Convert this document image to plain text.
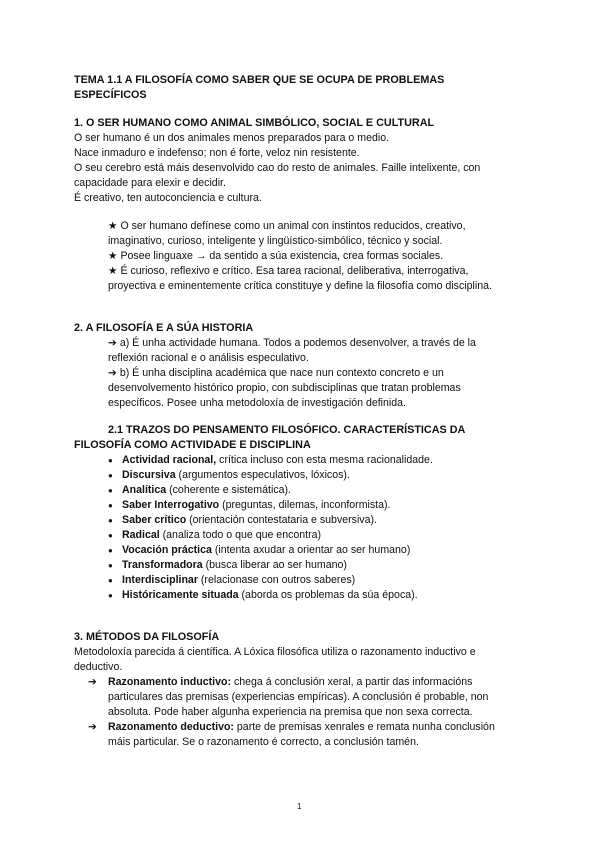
TEMA 1.1 A FILOSOFÍA COMO SABER QUE SE OCUPA DE PROBLEMAS
ESPECÍFICOS
1. O SER HUMANO COMO ANIMAL SIMBÓLICO, SOCIAL E CULTURAL
O ser humano é un dos animales menos preparados para o medio.
Nace inmaduro e indefenso; non é forte, veloz nin resistente.
O seu cerebro está máis desenvolvido cao do resto de animales. Faille intelixente, con
capacidade para elexir e decidir.
É creativo, ten autoconciencia e cultura.
★ O ser humano defínese como un animal con instintos reducidos, creativo,
imaginativo, curioso, inteligente y lingüístico-simbólico, técnico y social.
★ Posee linguaxe → da sentido a súa existencia, crea formas sociales.
★ É curioso, reflexivo e crítico. Esa tarea racional, deliberativa, interrogativa,
proyectiva e eminentemente crítica constituye y define la filosofía como disciplina.
2. A FILOSOFÍA E A SÚA HISTORIA
➔ a) É unha actividade humana. Todos a podemos desenvolver, a través de la
reflexión racional e o análisis especulativo.
➔ b) É unha disciplina académica que nace nun contexto concreto e un
desenvolvemento histórico propio, con subdisciplinas que tratan problemas
específicos. Posee unha metodoloxía de investigación definida.
2.1 TRAZOS DO PENSAMENTO FILOSÓFICO. CARACTERÍSTICAS DA
FILOSOFÍA COMO ACTIVIDADE E DISCIPLINA
● Actividad racional, crítica incluso con esta mesma racionalidade.
● Discursiva (argumentos especulativos, lóxicos).
● Analítica (coherente e sistemática).
● Saber Interrogativo (preguntas, dilemas, inconformista).
● Saber crítico (orientación contestataria e subversiva).
● Radical (analiza todo o que que encontra)
● Vocación práctica (intenta axudar a orientar ao ser humano)
● Transformadora (busca liberar ao ser humano)
● Interdisciplinar (relacionase con outros saberes)
● Históricamente situada (aborda os problemas da súa época).
3. MÉTODOS DA FILOSOFÍA
Metodoloxía parecida á científica. A Lóxica filosófica utiliza o razonamento inductivo e
deductivo.
➔ Razonamento inductivo: chega á conclusión xeral, a partir das informacións
particulares das premisas (experiencias empíricas). A conclusión é probable, non
absoluta. Pode haber algunha experiencia na premisa que non sexa correcta.
➔ Razonamento deductivo: parte de premisas xenrales e remata nunha conclusión
máis particular. Se o razonamento é correcto, a conclusión tamén.
1
